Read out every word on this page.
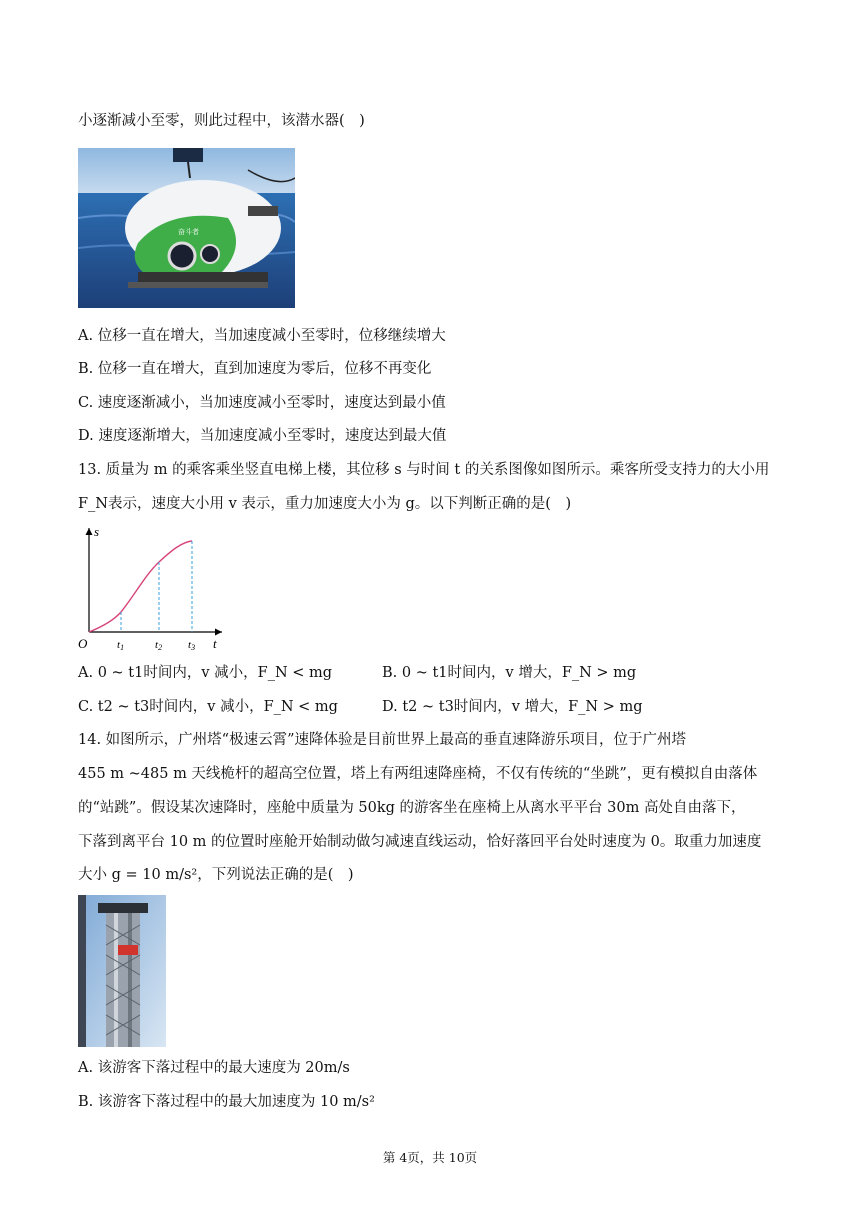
小逐渐减小至零，则此过程中，该潜水器(　)
奋斗者
A. 位移一直在增大，当加速度减小至零时，位移继续增大
B. 位移一直在增大，直到加速度为零后，位移不再变化
C. 速度逐渐减小，当加速度减小至零时，速度达到最小值
D. 速度逐渐增大，当加速度减小至零时，速度达到最大值
13. 质量为 m 的乘客乘坐竖直电梯上楼，其位移 s 与时间 t 的关系图像如图所示。乘客所受支持力的大小用
F_N表示，速度大小用 v 表示，重力加速度大小为 g。以下判断正确的是(　)
s
t
O	t1	t2 t3
A. 0 ~ t1时间内，v 减小，F_N < mg	B. 0 ~ t1时间内，v 增大，F_N > mg
C. t2 ~ t3时间内，v 减小，F_N < mg	D. t2 ~ t3时间内，v 增大，F_N > mg
14. 如图所示，广州塔“极速云霄”速降体验是目前世界上最高的垂直速降游乐项目，位于广州塔
455 m ~485 m 天线桅杆的超高空位置，塔上有两组速降座椅，不仅有传统的“坐跳”，更有模拟自由落体
的“站跳”。假设某次速降时，座舱中质量为 50kg 的游客坐在座椅上从离水平平台 30m 高处自由落下，
下落到离平台 10 m 的位置时座舱开始制动做匀减速直线运动，恰好落回平台处时速度为 0。取重力加速度
大小 g = 10 m/s²，下列说法正确的是(　)
A. 该游客下落过程中的最大速度为 20m/s
B. 该游客下落过程中的最大加速度为 10 m/s²
第 4页，共 10页
